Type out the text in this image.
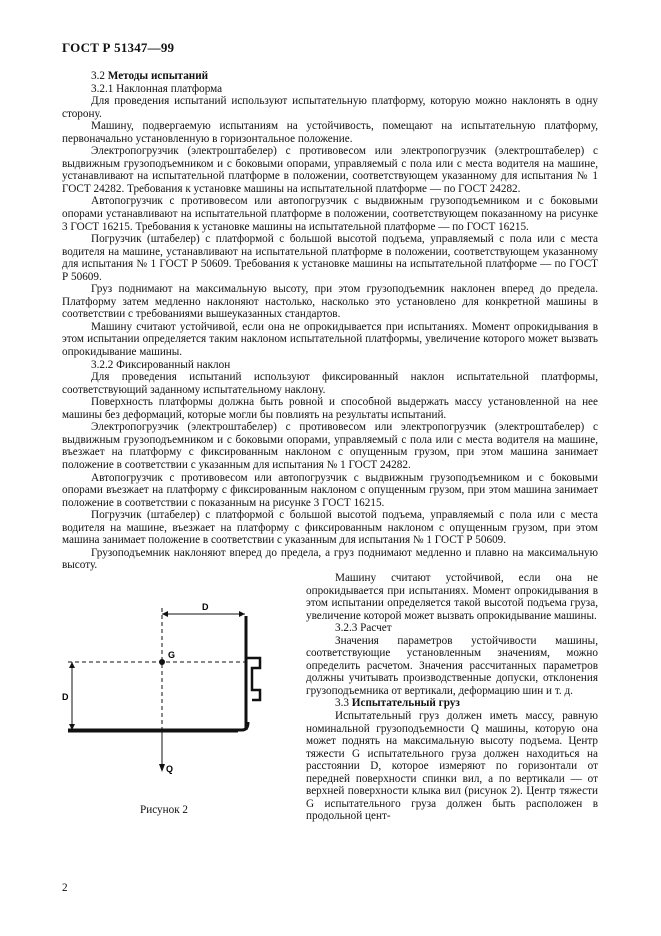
ГОСТ Р 51347—99

3.2 Методы испытаний

3.2.1 Наклонная платформа

Для проведения испытаний используют испытательную платформу, которую можно наклонять в одну сторону.

Машину, подвергаемую испытаниям на устойчивость, помещают на испытательную платформу, первоначально установленную в горизонтальное положение.

Электропогрузчик (электроштабелер) с противовесом или электропогрузчик (электроштабелер) с выдвижным грузоподъемником и с боковыми опорами, управляемый с пола или с места водителя на машине, устанавливают на испытательной платформе в положении, соответствующем указанному для испытания № 1 ГОСТ 24282. Требования к установке машины на испытательной платформе — по ГОСТ 24282.

Автопогрузчик с противовесом или автопогрузчик с выдвижным грузоподъемником и с боковыми опорами устанавливают на испытательной платформе в положении, соответствующем показанному на рисунке 3 ГОСТ 16215. Требования к установке машины на испытательной платформе — по ГОСТ 16215.

Погрузчик (штабелер) с платформой с большой высотой подъема, управляемый с пола или с места водителя на машине, устанавливают на испытательной платформе в положении, соответствующем указанному для испытания № 1 ГОСТ Р 50609. Требования к установке машины на испытательной платформе — по ГОСТ Р 50609.

Груз поднимают на максимальную высоту, при этом грузоподъемник наклонен вперед до предела. Платформу затем медленно наклоняют настолько, насколько это установлено для конкретной машины в соответствии с требованиями вышеуказанных стандартов.

Машину считают устойчивой, если она не опрокидывается при испытаниях. Момент опрокидывания в этом испытании определяется таким наклоном испытательной платформы, увеличение которого может вызвать опрокидывание машины.

3.2.2 Фиксированный наклон

Для проведения испытаний используют фиксированный наклон испытательной платформы, соответствующий заданному испытательному наклону.

Поверхность платформы должна быть ровной и способной выдержать массу установленной на нее машины без деформаций, которые могли бы повлиять на результаты испытаний.

Электропогрузчик (электроштабелер) с противовесом или электропогрузчик (электроштабелер) с выдвижным грузоподъемником и с боковыми опорами, управляемый с пола или с места водителя на машине, въезжает на платформу с фиксированным наклоном с опущенным грузом, при этом машина занимает положение в соответствии с указанным для испытания № 1 ГОСТ 24282.

Автопогрузчик с противовесом или автопогрузчик с выдвижным грузоподъемником и с боковыми опорами въезжает на платформу с фиксированным наклоном с опущенным грузом, при этом машина занимает положение в соответствии с показанным на рисунке 3 ГОСТ 16215.

Погрузчик (штабелер) с платформой с большой высотой подъема, управляемый с пола или с места водителя на машине, въезжает на платформу с фиксированным наклоном с опущенным грузом, при этом машина занимает положение в соответствии с указанным для испытания № 1 ГОСТ Р 50609.

Грузоподъемник наклоняют вперед до предела, а груз поднимают медленно и плавно на максимальную высоту.

D
G
D
Q
Рисунок 2

Машину считают устойчивой, если она не опрокидывается при испытаниях. Момент опрокидывания в этом испытании определяется такой высотой подъема груза, увеличение которой может вызвать опрокидывание машины.

3.2.3 Расчет

Значения параметров устойчивости машины, соответствующие установленным значениям, можно определить расчетом. Значения рассчитанных параметров должны учитывать производственные допуски, отклонения грузоподъемника от вертикали, деформацию шин и т. д.

3.3 Испытательный груз

Испытательный груз должен иметь массу, равную номинальной грузоподъемности Q машины, которую она может поднять на максимальную высоту подъема. Центр тяжести G испытательного груза должен находиться на расстоянии D, которое измеряют по горизонтали от передней поверхности спинки вил, а по вертикали — от верхней поверхности клыка вил (рисунок 2). Центр тяжести G испытательного груза должен быть расположен в продольной цент-

2
